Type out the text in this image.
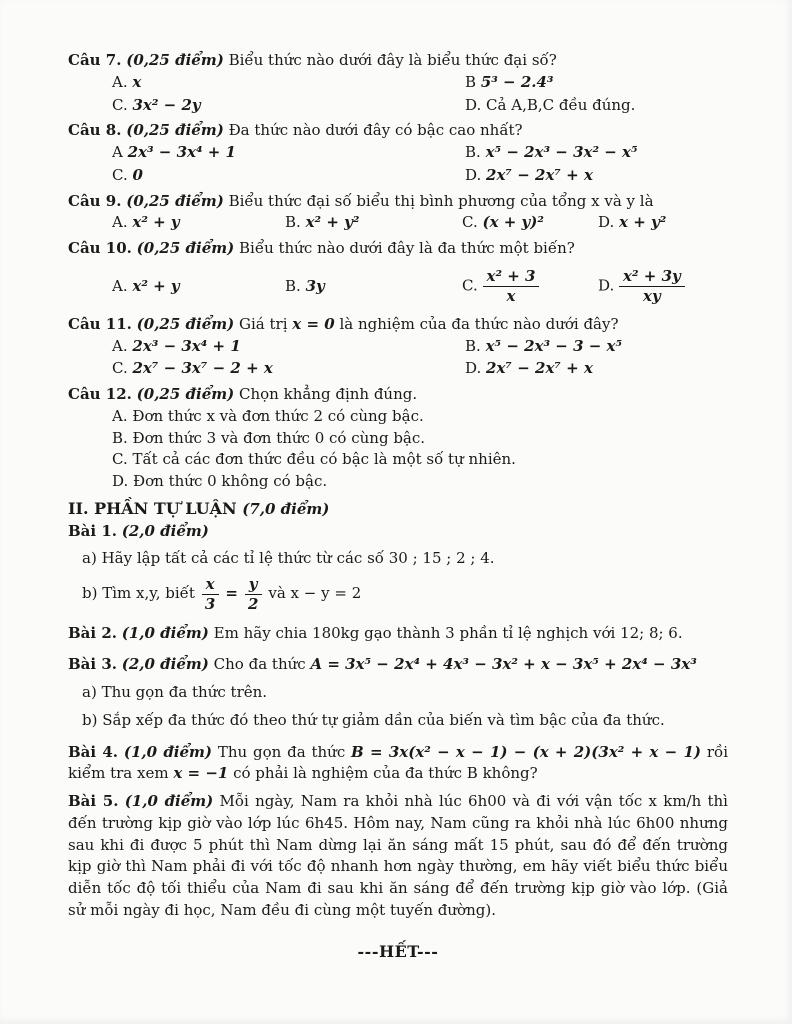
Câu 7. (0,25 điểm) Biểu thức nào dưới đây là biểu thức đại số?
A. x	B 5³ − 2.4³
C. 3x² − 2y	D. Cả A,B,C đều đúng.
Câu 8. (0,25 điểm) Đa thức nào dưới đây có bậc cao nhất?
A 2x³ − 3x⁴ + 1	B. x⁵ − 2x³ − 3x² − x⁵
C. 0	D. 2x⁷ − 2x⁷ + x
Câu 9. (0,25 điểm) Biểu thức đại số biểu thị bình phương của tổng x và y là
A. x² + y	B. x² + y²	C. (x + y)²	D. x + y²
Câu 10. (0,25 điểm) Biểu thức nào dưới đây là đa thức một biến?
A. x² + y	B. 3y	C. $\frac{\text{x² + 3}}{x}$	D. $\frac{\text{x² + 3y}}{xy}$
Câu 11. (0,25 điểm) Giá trị x = 0 là nghiệm của đa thức nào dưới đây?
A. 2x³ − 3x⁴ + 1	B. x⁵ − 2x³ − 3 − x⁵
C. 2x⁷ − 3x⁷ − 2 + x	D. 2x⁷ − 2x⁷ + x
Câu 12. (0,25 điểm) Chọn khẳng định đúng.
A. Đơn thức x và đơn thức 2 có cùng bậc.
B. Đơn thức 3 và đơn thức 0 có cùng bậc.
C. Tất cả các đơn thức đều có bậc là một số tự nhiên.
D. Đơn thức 0 không có bậc.
II. PHẦN TỰ LUẬN (7,0 điểm)
Bài 1. (2,0 điểm)
a) Hãy lập tất cả các tỉ lệ thức từ các số 30 ; 15 ; 2 ; 4.
b) Tìm x,y, biết $\frac{x}{3} = \frac{y}{2}$ và x − y = 2
Bài 2. (1,0 điểm) Em hãy chia 180kg gạo thành 3 phần tỉ lệ nghịch với 12; 8; 6.
Bài 3. (2,0 điểm) Cho đa thức A = 3x⁵ − 2x⁴ + 4x³ − 3x² + x − 3x⁵ + 2x⁴ − 3x³
a) Thu gọn đa thức trên.
b) Sắp xếp đa thức đó theo thứ tự giảm dần của biến và tìm bậc của đa thức.
Bài 4. (1,0 điểm) Thu gọn đa thức B = 3x(x² − x − 1) − (x + 2)(3x² + x − 1) rồi kiểm tra xem x = −1 có phải là nghiệm của đa thức B không?
Bài 5. (1,0 điểm) Mỗi ngày, Nam ra khỏi nhà lúc 6h00 và đi với vận tốc x km/h thì đến trường kịp giờ vào lớp lúc 6h45. Hôm nay, Nam cũng ra khỏi nhà lúc 6h00 nhưng sau khi đi được 5 phút thì Nam dừng lại ăn sáng mất 15 phút, sau đó để đến trường kịp giờ thì Nam phải đi với tốc độ nhanh hơn ngày thường, em hãy viết biểu thức biểu diễn tốc độ tối thiểu của Nam đi sau khi ăn sáng để đến trường kịp giờ vào lớp. (Giả sử mỗi ngày đi học, Nam đều đi cùng một tuyến đường).
---HẾT---
